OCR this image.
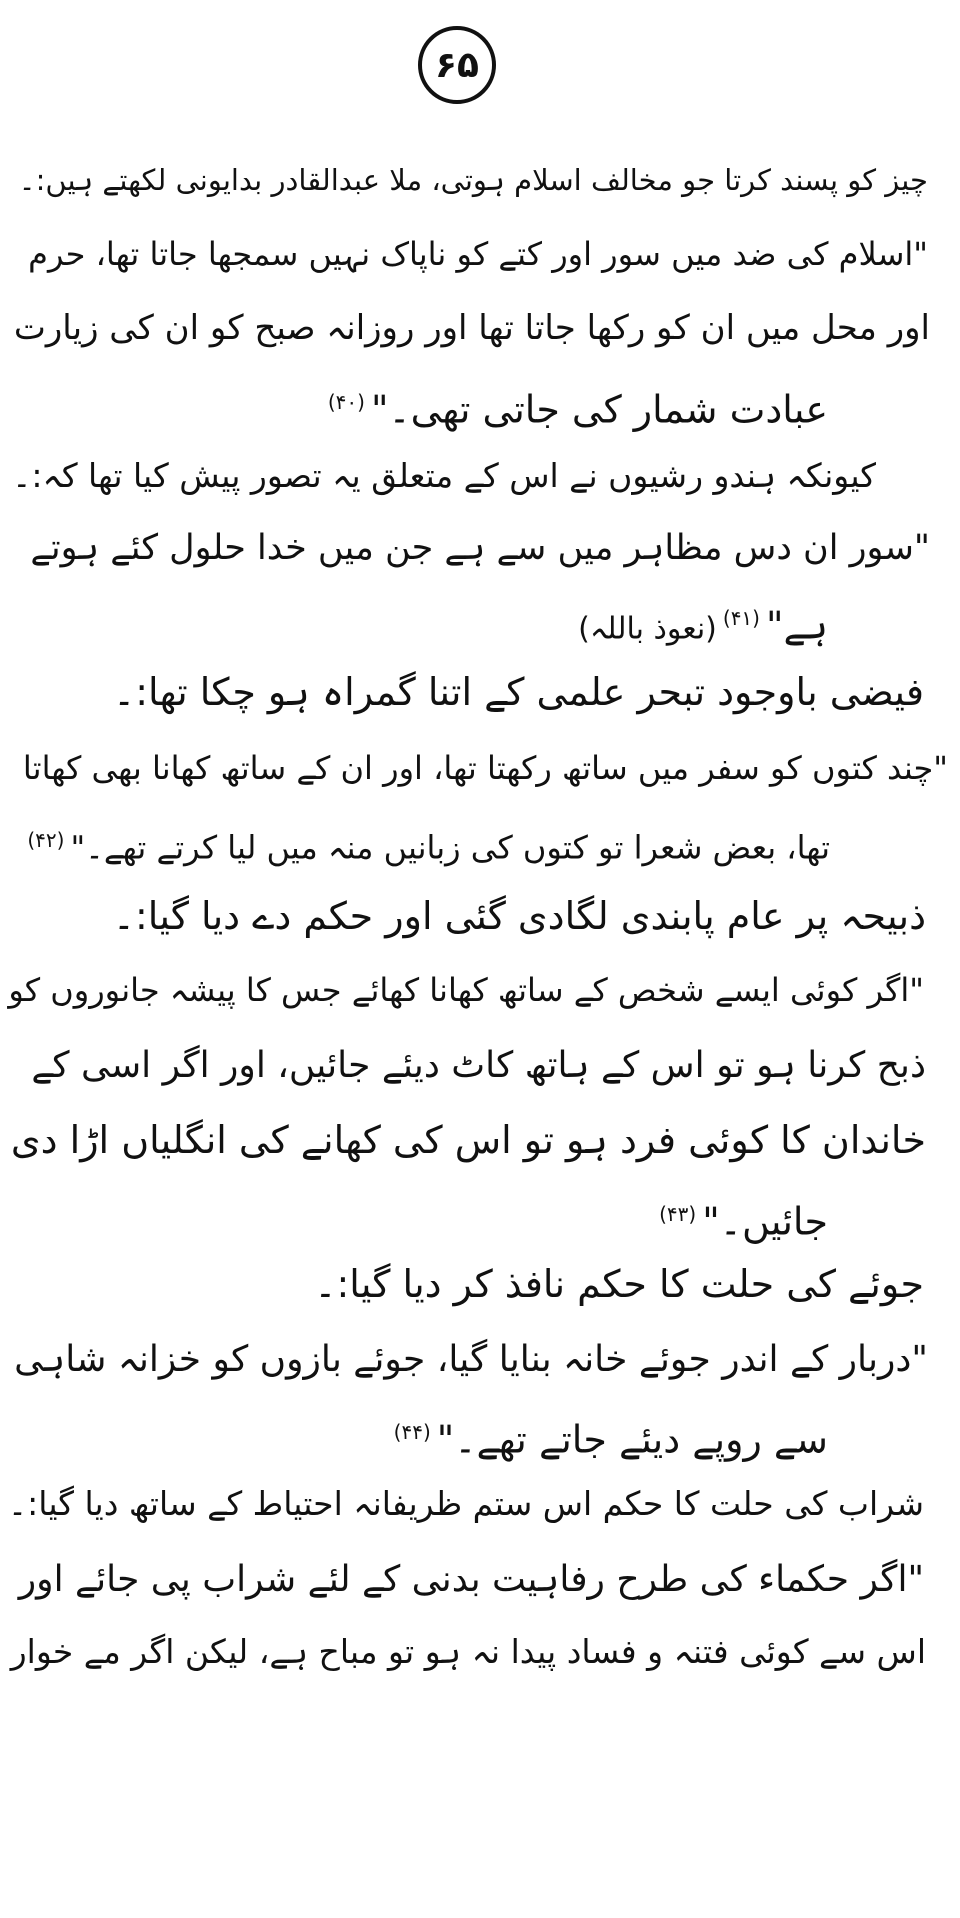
۶۵
چیز کو پسند کرتا جو مخالف اسلام ہوتی، ملا عبدالقادر بدایونی لکھتے ہیں:۔
"اسلام کی ضد میں سور اور کتے کو ناپاک نہیں سمجھا جاتا تھا، حرم
اور محل میں ان کو رکھا جاتا تھا اور روزانہ صبح کو ان کی زیارت
عبادت شمار کی جاتی تھی۔"$^{(۴۰)}$
کیونکہ ہندو رشیوں نے اس کے متعلق یہ تصور پیش کیا تھا کہ:۔
"سور ان دس مظاہر میں سے ہے جن میں خدا حلول کئے ہوتے
ہے"$^{(۴۱)}$(نعوذ باللہ)
فیضی باوجود تبحر علمی کے اتنا گمراہ ہو چکا تھا:۔
"چند کتوں کو سفر میں ساتھ رکھتا تھا، اور ان کے ساتھ کھانا بھی کھاتا
تھا، بعض شعرا تو کتوں کی زبانیں منہ میں لیا کرتے تھے۔"$^{(۴۲)}$
ذبیحہ پر عام پابندی لگادی گئی اور حکم دے دیا گیا:۔
"اگر کوئی ایسے شخص کے ساتھ کھانا کھائے جس کا پیشہ جانوروں کو
ذبح کرنا ہو تو اس کے ہاتھ کاٹ دیئے جائیں، اور اگر اسی کے
خاندان کا کوئی فرد ہو تو اس کی کھانے کی انگلیاں اڑا دی
جائیں۔"$^{(۴۳)}$
جوئے کی حلت کا حکم نافذ کر دیا گیا:۔
"دربار کے اندر جوئے خانہ بنایا گیا، جوئے بازوں کو خزانہ شاہی
سے روپے دیئے جاتے تھے۔"$^{(۴۴)}$
شراب کی حلت کا حکم اس ستم ظریفانہ احتیاط کے ساتھ دیا گیا:۔
"اگر حکماء کی طرح رفاہیت بدنی کے لئے شراب پی جائے اور
اس سے کوئی فتنہ و فساد پیدا نہ ہو تو مباح ہے، لیکن اگر مے خوار
